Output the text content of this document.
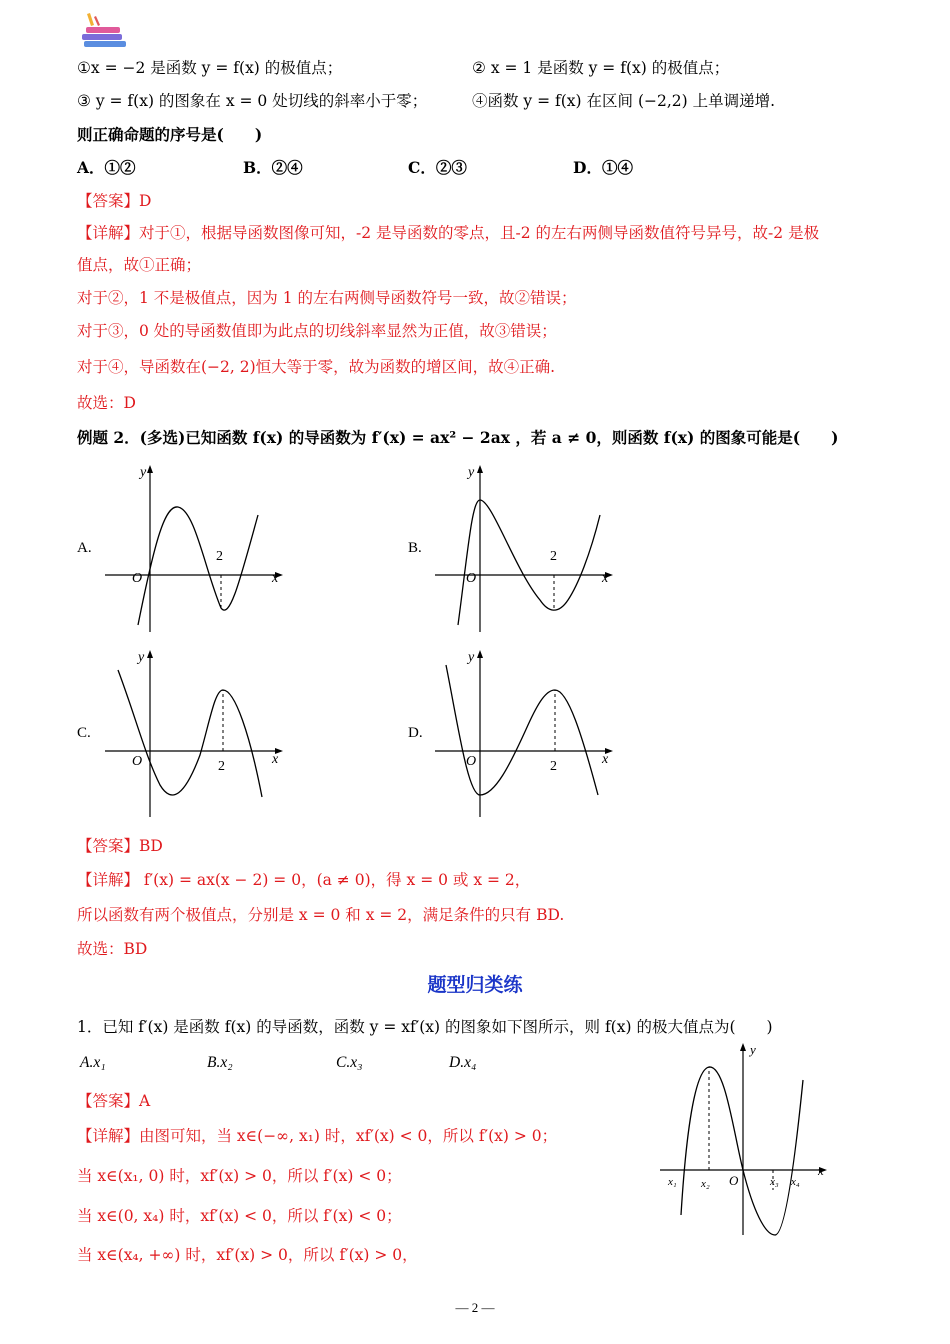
①x = −2 是函数 y = f(x) 的极值点；	② x = 1 是函数 y = f(x) 的极值点；
③ y = f(x) 的图象在 x = 0 处切线的斜率小于零；	④函数 y = f(x) 在区间 (−2,2) 上单调递增.
则正确命题的序号是(　　)
A．①②	B．②④	C．②③	D．①④
【答案】D
【详解】对于①，根据导函数图像可知，-2 是导函数的零点，且-2 的左右两侧导函数值符号异号，故-2 是极
值点，故①正确；
对于②，1 不是极值点，因为 1 的左右两侧导函数符号一致，故②错误；
对于③，0 处的导函数值即为此点的切线斜率显然为正值，故③错误；
对于④，导函数在(−2, 2)恒大等于零，故为函数的增区间，故④正确.
故选：D
例题 2．(多选)已知函数 f(x) 的导函数为 f′(x) = ax² − 2ax ，若 a ≠ 0，则函数 f(x) 的图象可能是(　　)
A.	B.
C.	D.
y
x
O
2
y
x
O
2
y
x
O	2
y
x
O	2
【答案】BD
【详解】 f′(x) = ax(x − 2) = 0，(a ≠ 0)，得 x = 0 或 x = 2，
所以函数有两个极值点，分别是 x = 0 和 x = 2，满足条件的只有 BD.
故选：BD
题型归类练
1．已知 f′(x) 是函数 f(x) 的导函数，函数 y = xf′(x) 的图象如下图所示，则 f(x) 的极大值点为(　　)
A.x₁	B.x₂	C.x₃	D.x₄
【答案】A
【详解】由图可知，当 x∈(−∞, x₁) 时，xf′(x) < 0，所以 f′(x) > 0；
当 x∈(x₁, 0) 时，xf′(x) > 0，所以 f′(x) < 0；
当 x∈(0, x₄) 时，xf′(x) < 0，所以 f′(x) < 0；
当 x∈(x₄, +∞) 时，xf′(x) > 0，所以 f′(x) > 0，
y
x
O
x₁ x₂	x₃ x₄
— 2 —
